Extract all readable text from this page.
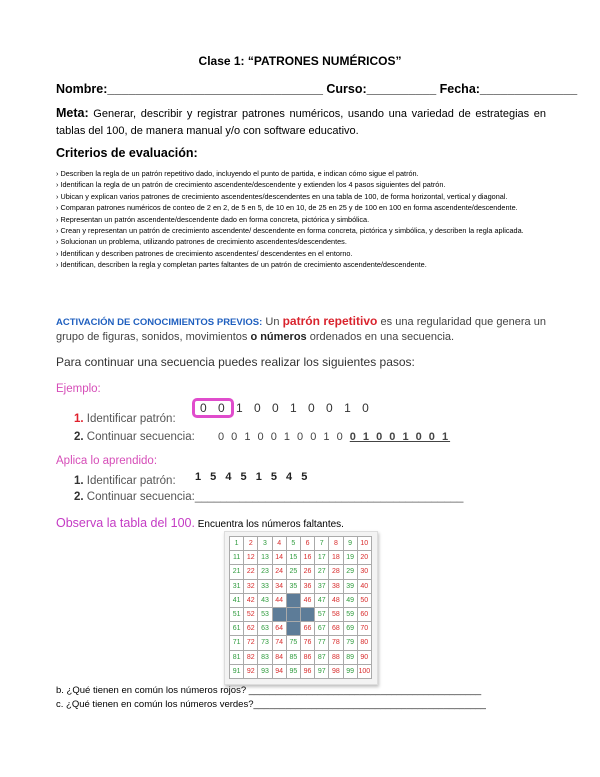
Clase 1: “PATRONES NUMÉRICOS”
Nombre:_______________________________ Curso:__________ Fecha:______________
Meta: Generar, describir y registrar patrones numéricos, usando una variedad de estrategias en tablas del 100, de manera manual y/o con software educativo.
Criterios de evaluación:
› Describen la regla de un patrón repetitivo dado, incluyendo el punto de partida, e indican cómo sigue el patrón.
› Identifican la regla de un patrón de crecimiento ascendente/descendente y extienden los 4 pasos siguientes del patrón.
› Ubican y explican varios patrones de crecimiento ascendentes/descendentes en una tabla de 100, de forma horizontal, vertical y diagonal.
› Comparan patrones numéricos de conteo de 2 en 2, de 5 en 5, de 10 en 10, de 25 en 25 y de 100 en 100 en forma ascendente/descendente.
› Representan un patrón ascendente/descendente dado en forma concreta, pictórica y simbólica.
› Crean y representan un patrón de crecimiento ascendente/ descendente en forma concreta, pictórica y simbólica, y describen la regla aplicada.
› Solucionan un problema, utilizando patrones de crecimiento ascendentes/descendentes.
› Identifican y describen patrones de crecimiento ascendentes/ descendentes en el entorno.
› Identifican, describen la regla y completan partes faltantes de un patrón de crecimiento ascendente/descendente.
ACTIVACIÓN DE CONOCIMIENTOS PREVIOS: Un patrón repetitivo es una regularidad que genera un grupo de figuras, sonidos, movimientos o números ordenados en una secuencia.
Para continuar una secuencia puedes realizar los siguientes pasos:
Ejemplo:
1. Identificar patrón:
0 0 1 0 0 1 0 0 1 0
2. Continuar secuencia: 0 0 1 0 0 1 0 0 1 0 0 1 0 0 1 0 0 1
Aplica lo aprendido:
1. Identificar patrón: 1 5 4 5 1 5 4 5
2. Continuar secuencia:__________________________________________
Observa la tabla del 100. Encuentra los números faltantes.
1	2	3	4	5	6	7	8	9	10
11 12 13 14 15 16 17 18 19 20
21 22 23 24 25 26 27 28 29 30
31 32 33 34 35 36 37 38 39 40
41 42 43 44	46 47 48 49 50
51 52 53	57 58 59 60
61 62 63 64	66 67 68 69 70
71 72 73 74 75 76 77 78 79 80
81 82 83 84 85 86 87 88 89 90
91 92 93 94 95 96 97 98 99 100
b. ¿Qué tienen en común los números rojos? ____________________________________________
c. ¿Qué tienen en común los números verdes?____________________________________________
